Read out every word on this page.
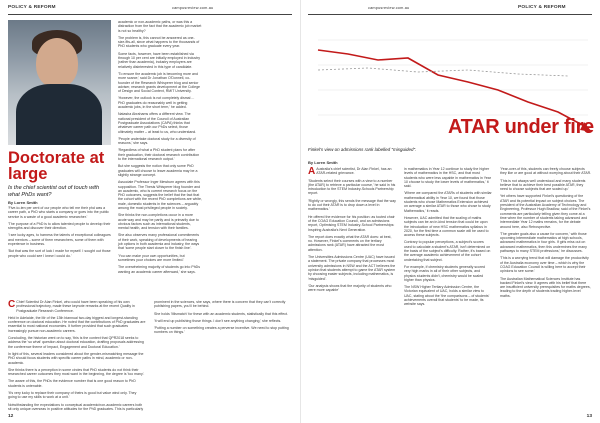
POLICY & REFORM	campusreview.com.au
Doctorate at large
Is the chief scientist out of touch with what PhDs want?
By Loren Smith

'Five-to-ten per cent of our people who tell me their phd was a career path, a PhD who starts a company or goes into the public service is a waste of a good academic researcher.'

'The purpose of a PhD is to allow talented people to develop their strengths and discover their direction.

'I see lucky ages, to harness the talents of exceptional colleagues and mentors – some of them researchers, some of them with experience in business.

'But that was the sort of luck I made for myself. I sought out those people who could see I knew I could do.'

academic or non-academic paths, or was this a distraction from the fact that the academic job market is not so healthy?

The problem is, this cannot be answered as one-size-fits-all, since what happens to the thousands of PhD students who graduate every year.

Some facts, however, have been established via through 10 per cent are initially employed in industry (rather than academia), industry employers are relatively disinterested in this type of candidate.

'To ensure the academic job is becoming more and more scarce,' said Dr Jonathan O'Donnell, co-founder of the Research Whisperer blog and senior adviser, research grants development at the College of Design and Social Context, RMIT University.

'However, the outlook is not completely dismal ... PhD graduates do reasonably well in getting academic jobs, in the short term,' he added.

Natasha Abrahams offers a different view. The national president of the Council of Australian Postgraduate Associations (CAPA) thinks that whatever career path our PhDs select, those ultimately matter – at least to us, who understand.

'People undertake doctoral study for a diversity of reasons,' she says.

'Regardless of what a PhD student plans for after their graduation, their doctoral research contribution to the international research output.'

But she suggests the notion that only some PhD graduates will choose to leave academia may be a slightly strange concept.

Associate Professor Inger Mewburn agrees with this supposition. The Thesis Whisperer blog founder and an academic, who is current research focus on the PhD outcomes, suggests the belief that the fact that the cohort with the recent PhD completions are white, male, domestic students in the sciences – arguably among the most privileged people in society.

She thinks the non-completions occur in a more acute way and may be partly and is primarily due to obvious factors such as international students, mental health, and tension with their families.

She also observes many professional commitments of their work, speaking of developments of hearing job options in both academia and industry, the ways that 'some people start closer to the finish line'.

'You can make your own opportunities, but sometimes your choices are more limited.'

The overwhelming majority of students go into PhDs wanting an academic career afterward,' she says.

C Chief Scientist Dr Alan Finkel, who could have been speaking of his own professional trajectory, made these keynote remarks at the recent Quality in Postgraduate Research Conference.

Held in Adelaide, the Mr of the 13th biannual two-day biggest and longest-standing conference on doctoral education. He noted that the contributions of PhD graduates are essential to most national economies. It further provided that such graduates increasingly pursue non-academic careers.

Concluding, the historian went on to say, 'this is the context that QPR2018 seeks to address the 'so what' question about doctoral education, drafting proposals addressing the conference theme of Impact, Engagement and Doctoral Education.'

In light of this, several leaders considered about the gender-mismatching message the PhD should focus students with specific career paths in mind, academic or non-academic.

She thinks there is a perception in some circles that PhD students do not think their researched career outcomes they most want in the beginning, the degree is 'too many'.

The aware of this, the PhDs the evidence number that is one good reason to PhD students is untenable.

'It's very lucky to replace their company of theirs is good but value wind only. They going to use my skills to work at a unit.'

Notwithstanding the expectations to conceptual academic/non-academic careers both sit only unique overseas in positive attitudes for the PhD graduates. This is particularly prominent in the sciences, she says, where there is concern that they can't correctly publishing papers, you'll be behind.

She holds 'Mismatch' for these with an academic students, statistically that this effect.

'It will end up publishing those things. I don't see anything changing,' she reflects.

'Putting a number on something creates a perverse incentive. We need to stop putting numbers on things.'

12
campusreview.com.au	POLICY & REFORM
ATAR under fire
Finkel's view on admissions rank labelled "misguided".
By Loren Smith

A Australia's chief scientist, Dr Alan Finkel, has an ATAR-related grievance.

'Students select their courses with a view to a number (the ATAR) to retrieve a particular course,' he said in his introduction to the STEM Industry-Schools Partnership report.

'Rightly or wrongly, this sends the message that the way to do out their ATAR is to drop down a level in mathematics.'

He offered the evidence for his position: as touted chair of the COAG Education Council, and an admissions report, Optimising STEM Industry-School Partnerships: Inspiring Australia's Next Generation.

The report does exactly what the ATAR does: at best, no. However, Finkel's comments on the tertiary admissions rank (ATAR) have attracted the most attention.

The Universities Admissions Centre (UAC) have issued a statement. The private company that processes most university admissions in NSW and the ACT believes the opinion that students attempt to game the ATAR system by choosing easier subjects, including mathematics, is 'misguided'.

'Our analysis shows that the majority of students who were more capable'

in mathematics in Year 12 continue to study the higher levels of mathematics in the HSC, and that most students who were less capable in mathematics in Year 10 choose to study the lower levels of mathematics,' it said.

'Where we compared the ATARs of students with similar mathematical ability in Year 10, we found that those students who chose Mathematics Extension achieved on average a similar ATAR to those who chose to study Mathematics,' it reads.

However, UAC admitted that the scaling of maths subjects can be an in-kind tension that could be upon the introduction of new HSC mathematics syllabus in 2020, for the first time a common scale will be used to access these subjects.

Contrary to popular perceptions, a subject's scores used to calculate a student's ATAR, isn't determined on the basis of the subject's difficulty. Rather, it's based on the average academic achievement of the cohort undertaking that subject.

For example, if chemistry students generally scored very high marks in all of their other subjects, and physics students didn't, chemistry would be scaled higher than physics.

The NSW Higher Tertiary Admission Centre, the Victorian equivalent of UAC, holds a similar view to UAC, stating about the 'the comparisons – of students' achievements overall that students' to be made, its website says.

'Year-over-of this, students can freely choose subjects they like or are good at without worrying about their ATAR.

'This is not always well understood and many students believe that to achieve their best possible ATAR, they need to choose subjects that are scaled up.'

Yet others have supported Finkel's questioning of the ATAR and its potential impact on subject choices. The president of the Australian Academy of Technology and Engineering, Professor Hugh Bradlow, said of the Finkel's comments are particularly telling given they come at a time when the number of students taking advanced and intermediate Year 12 maths remains, for the debate around here, also Retrospective.

'The greater goals also a cause for concern,' with those upcoming intermediate mathematics at high schools, advanced mathematics in four girls. If girls miss out on advanced mathematics, then this undermines the many pathways to many STEM professions,' he discusses.

'This is a worrying trend that will damage the productivity of the Australia economy over time – which is why the COAG Education Council is willing here to accept their opinions to see some.'

The Australian Mathematical Sciences Institute has backed Finkel's view. It agrees with his belief that there are insufficient university prerequisites for maths degrees, leading to the depth of students trading higher-level maths.

13
